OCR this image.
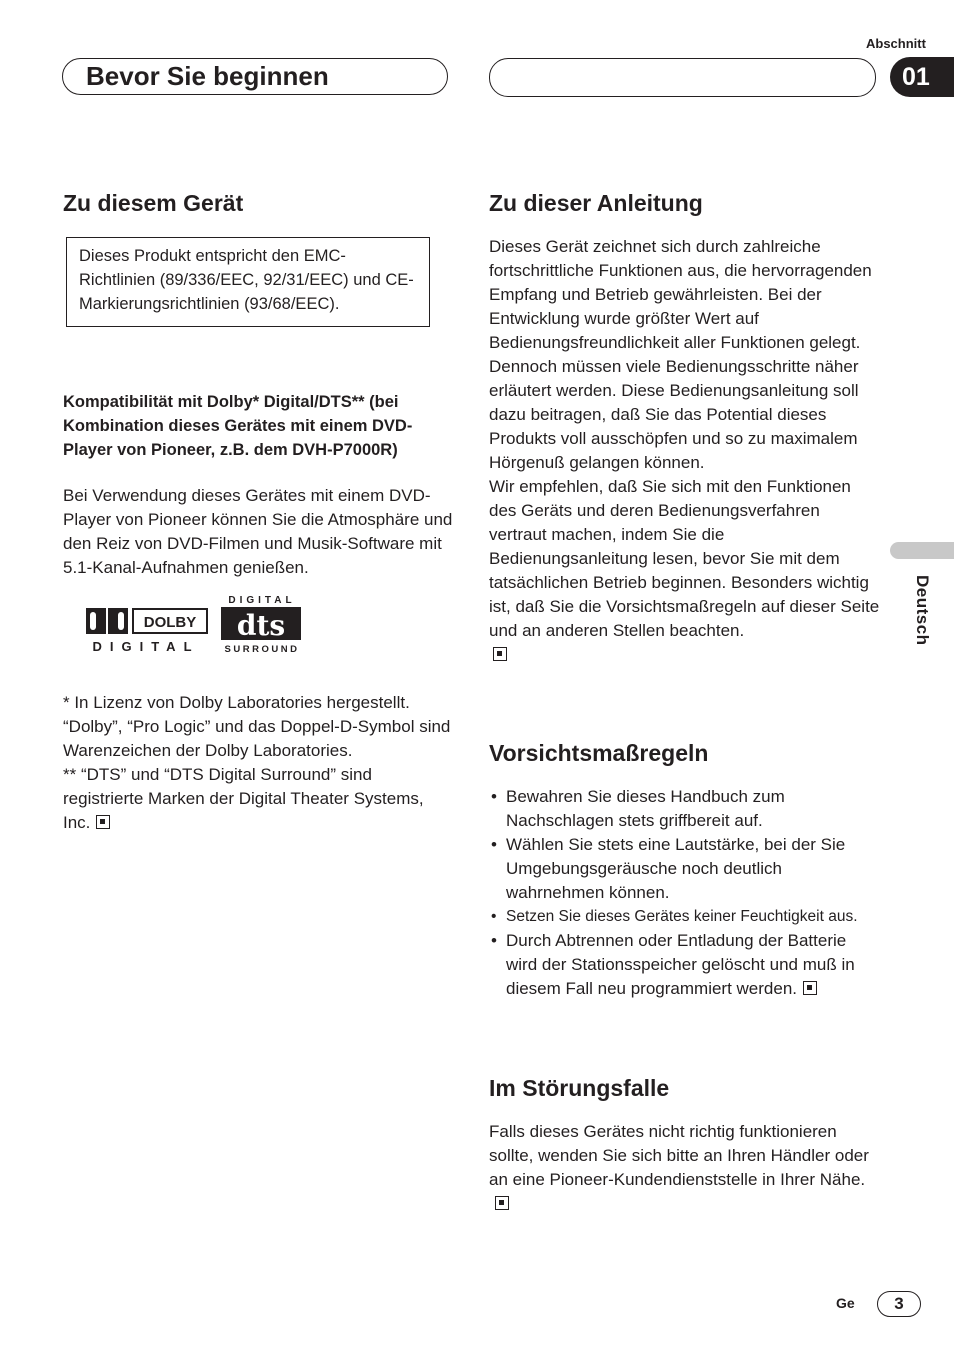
Abschnitt
Bevor Sie beginnen	01
Deutsch
Zu diesem Gerät
Dieses Produkt entspricht den EMC-Richtlinien (89/336/EEC, 92/31/EEC) und CE-Markierungsrichtlinien (93/68/EEC).
Kompatibilität mit Dolby* Digital/DTS** (bei Kombination dieses Gerätes mit einem DVD-Player von Pioneer, z.B. dem DVH-P7000R)
Bei Verwendung dieses Gerätes mit einem DVD-Player von Pioneer können Sie die Atmosphäre und den Reiz von DVD-Filmen und Musik-Software mit 5.1-Kanal-Aufnahmen genießen.
DOLBY
DIGITAL
DIGITAL
dts
SURROUND
* In Lizenz von Dolby Laboratories hergestellt. “Dolby”, “Pro Logic” und das Doppel-D-Symbol sind Warenzeichen der Dolby Laboratories.
** “DTS” und “DTS Digital Surround” sind registrierte Marken der Digital Theater Systems, Inc.
Zu dieser Anleitung
Dieses Gerät zeichnet sich durch zahlreiche fortschrittliche Funktionen aus, die hervorragenden Empfang und Betrieb gewährleisten. Bei der Entwicklung wurde größter Wert auf Bedienungsfreundlichkeit aller Funktionen gelegt. Dennoch müssen viele Bedienungsschritte näher erläutert werden. Diese Bedienungsanleitung soll dazu beitragen, daß Sie das Potential dieses Produkts voll ausschöpfen und so zu maximalem Hörgenuß gelangen können.
Wir empfehlen, daß Sie sich mit den Funktionen des Geräts und deren Bedienungsverfahren vertraut machen, indem Sie die Bedienungsanleitung lesen, bevor Sie mit dem tatsächlichen Betrieb beginnen. Besonders wichtig ist, daß Sie die Vorsichtsmaßregeln auf dieser Seite und an anderen Stellen beachten.
Vorsichtsmaßregeln
• Bewahren Sie dieses Handbuch zum Nachschlagen stets griffbereit auf.
• Wählen Sie stets eine Lautstärke, bei der Sie Umgebungsgeräusche noch deutlich wahrnehmen können.
• Setzen Sie dieses Gerätes keiner Feuchtigkeit aus.
• Durch Abtrennen oder Entladung der Batterie wird der Stationsspeicher gelöscht und muß in diesem Fall neu programmiert werden.
Im Störungsfalle
Falls dieses Gerätes nicht richtig funktionieren sollte, wenden Sie sich bitte an Ihren Händler oder an eine Pioneer-Kundendienststelle in Ihrer Nähe.
Ge	3
